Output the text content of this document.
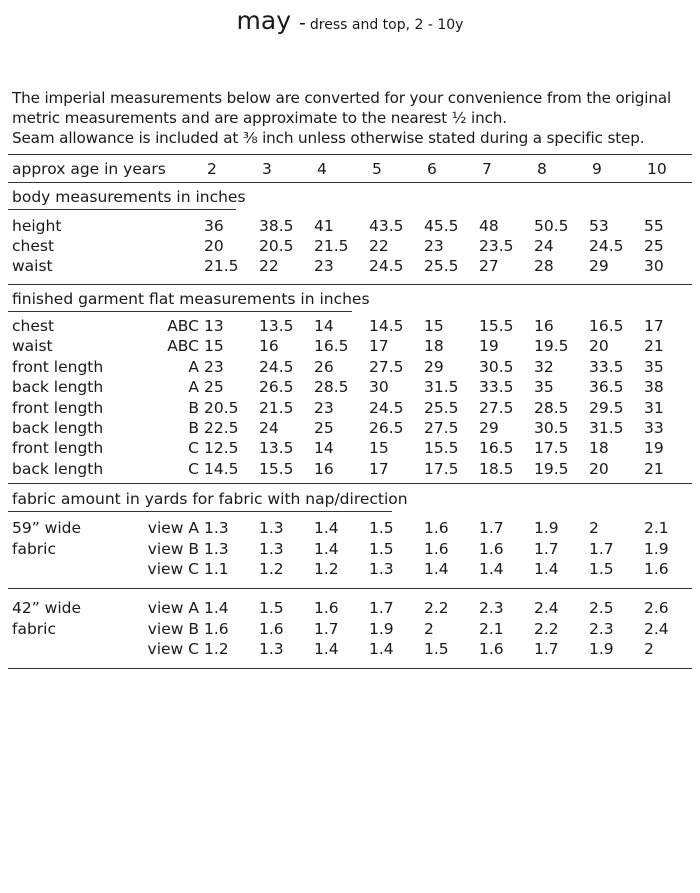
may - dress and top, 2 - 10y
The imperial measurements below are converted for your convenience from the original
metric measurements and are approximate to the nearest ½ inch.
Seam allowance is included at ⅜ inch unless otherwise stated during a specific step.
approx age in years	2	3	4	5	6	7	8	9	10
body measurements in inches
height	36 38.5 41 43.5 45.5 48 50.5 53 55
chest	20 20.5 21.5 22 23 23.5 24 24.5 25
waist	21.5 22 23 24.5 25.5 27 28 29 30
finished garment flat measurements in inches
chest	ABC 13 13.5 14 14.5 15 15.5 16 16.5 17
waist	ABC 15 16 16.5 17 18 19 19.5 20 21
front length	A 23 24.5 26 27.5 29 30.5 32 33.5 35
back length	A 25 26.5 28.5 30 31.5 33.5 35 36.5 38
front length	B 20.5 21.5 23 24.5 25.5 27.5 28.5 29.5 31
back length	B 22.5 24 25 26.5 27.5 29 30.5 31.5 33
front length	C 12.5 13.5 14 15 15.5 16.5 17.5 18 19
back length	C 14.5 15.5 16 17 17.5 18.5 19.5 20 21
fabric amount in yards for fabric with nap/direction
59” wide	view A 1.3 1.3 1.4 1.5 1.6 1.7 1.9 2	2.1
fabric	view B 1.3 1.3 1.4 1.5 1.6 1.6 1.7 1.7 1.9
view C 1.1 1.2 1.2 1.3 1.4 1.4 1.4 1.5 1.6
42” wide	view A 1.4 1.5 1.6 1.7 2.2 2.3 2.4 2.5 2.6
fabric	view B 1.6 1.6 1.7 1.9 2	2.1 2.2 2.3 2.4
view C 1.2 1.3 1.4 1.4 1.5 1.6 1.7 1.9 2
